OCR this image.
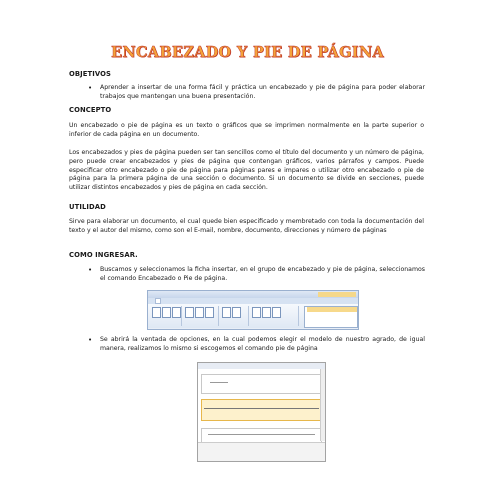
ENCABEZADO Y PIE DE PÁGINA
OBJETIVOS
•	Aprender a insertar de una forma fácil y práctica un encabezado y pie de página para poder elaborar trabajos que mantengan una buena presentación.
CONCEPTO
Un encabezado o pie de página es un texto o gráficos que se imprimen normalmente en la parte superior o inferior de cada página en un documento.
Los encabezados y pies de página pueden ser tan sencillos como el título del documento y un número de página, pero puede crear encabezados y pies de página que contengan gráficos, varios párrafos y campos. Puede especificar otro encabezado o pie de página para páginas pares e impares o utilizar otro encabezado o pie de página para la primera página de una sección o documento. Si un documento se divide en secciones, puede utilizar distintos encabezados y pies de página en cada sección.
UTILIDAD
Sirve para elaborar un documento, el cual quede bien especificado y membretado con toda la documentación del texto y el autor del mismo, como son el E-mail, nombre, documento, direcciones y número de páginas
COMO INGRESAR.
•	Buscamos y seleccionamos la ficha insertar, en el grupo de encabezado y pie de página, seleccionamos el comando Encabezado o Pie de página.

•	Se abrirá la ventada de opciones, en la cual podemos elegir el modelo de nuestro agrado, de igual manera, realizamos lo mismo si escogemos el comando pie de página
